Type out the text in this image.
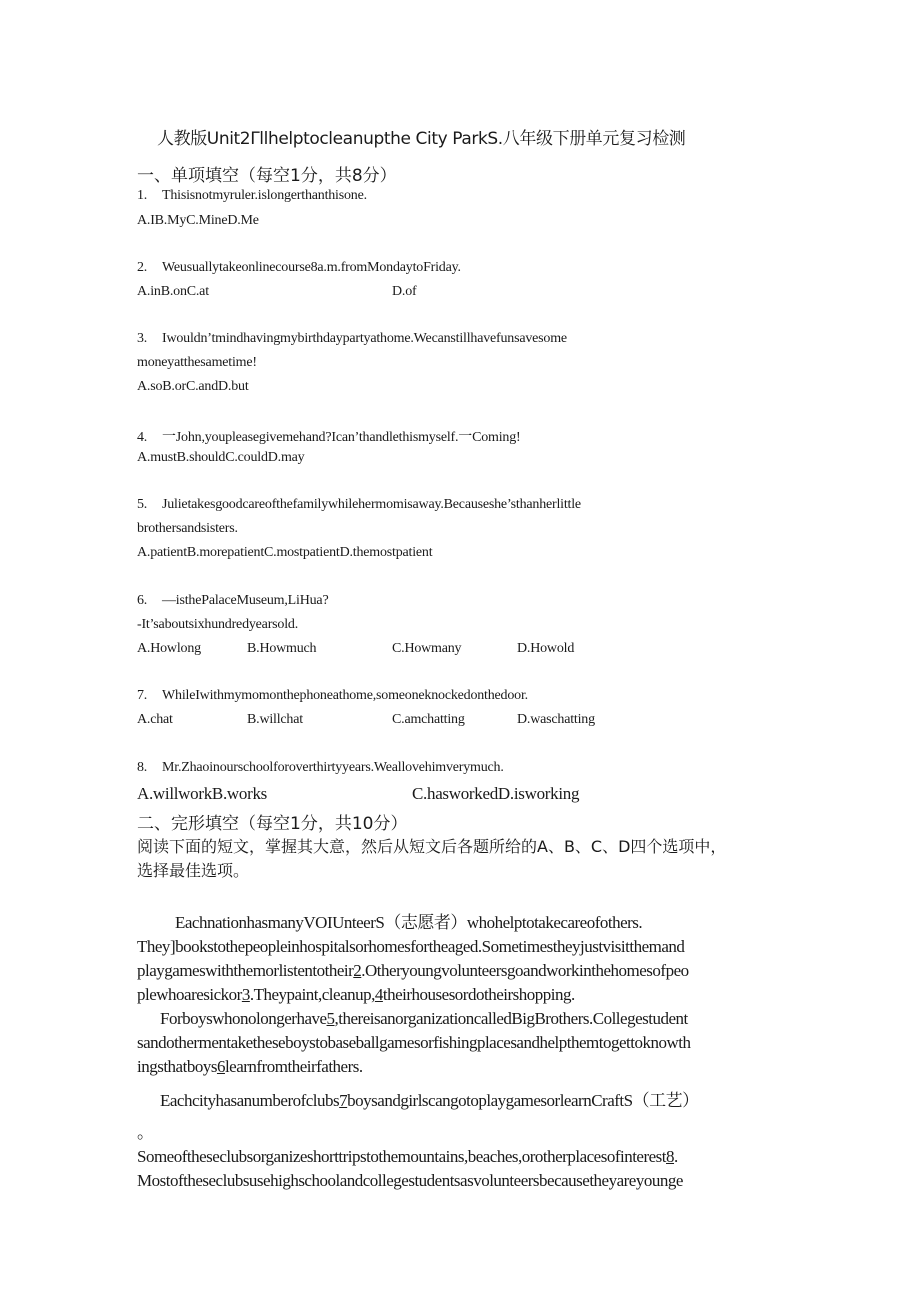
人教版Unit2Γllhelptocleanupthe City ParkS.八年级下册单元复习检测
一、单项填空（每空1分，共8分）
1. Thisisnotmyruler.islongerthanthisone.
A.IB.MyC.MineD.Me
2. Weusuallytakeonlinecourse8a.m.fromMondaytoFriday.
A.inB.onC.at	D.of
3. Iwouldn’tmindhavingmybirthdaypartyathome.Wecanstillhavefunsavesome
moneyatthesametime!
A.soB.orC.andD.but
4. 一John,youpleasegivemehand?Ican’thandlethismyself.一Coming!
A.mustB.shouldC.couldD.may
5. Julietakesgoodcareofthefamilywhilehermomisaway.Becauseshe’sthanherlittle
brothersandsisters.
A.patientB.morepatientC.mostpatientD.themostpatient
6. —isthePalaceMuseum,LiHua?
-It’saboutsixhundredyearsold.
A.Howlong	B.Howmuch	C.Howmany	D.Howold
7. WhileIwithmymomonthephoneathome,someoneknockedonthedoor.
A.chat	B.willchat	C.amchatting	D.waschatting
8. Mr.Zhaoinourschoolforoverthirtyyears.Weallovehimverymuch.
A.willworkB.works	C.hasworkedD.isworking
二、完形填空（每空1分，共10分）
阅读下面的短文，掌握其大意，然后从短文后各题所给的A、B、C、D四个选项中，
选择最佳选项。
EachnationhasmanyVOIUnteerS（志愿者）whohelptotakecareofothers.
They]bookstothepeopleinhospitalsorhomesfortheaged.Sometimestheyjustvisitthemand
playgameswiththemorlistentotheir2.Otheryoungvolunteersgoandworkinthehomesofpeo
plewhoaresickor3.Theypaint,cleanup,4theirhousesordotheirshopping.
Forboyswhonolongerhave5,thereisanorganizationcalledBigBrothers.Collegestudent
sandothermentaketheseboystobaseballgamesorfishingplacesandhelpthemtogettoknowth
ingsthatboys6learnfromtheirfathers.
Eachcityhasanumberofclubs7boysandgirlscangotoplaygamesorlearnCraftS（工艺）
。
Someoftheseclubsorganizeshorttripstothemountains,beaches,orotherplacesofinterest8.
Mostoftheseclubsusehighschoolandcollegestudentsasvolunteersbecausetheyareyounge
